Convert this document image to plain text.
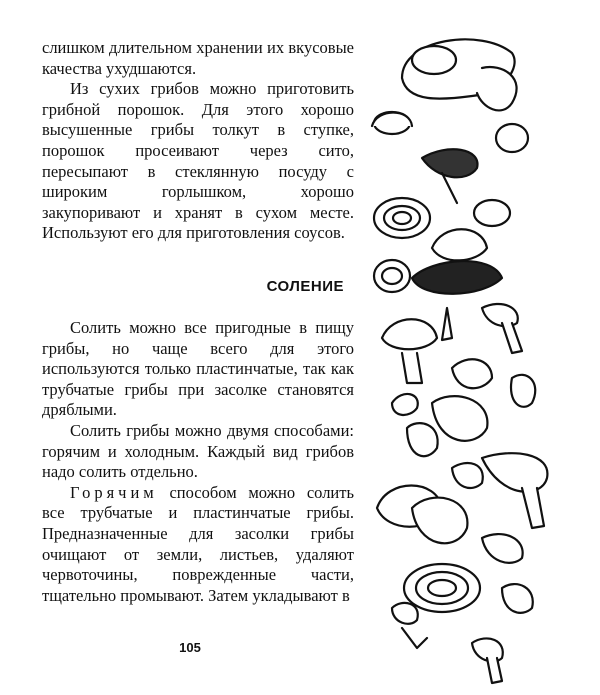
слишком длительном хранении их вкусовые качества ухудшаются.

Из сухих грибов можно приготовить грибной порошок. Для этого хорошо высушенные грибы толкут в ступке, порошок просеивают через сито, пересыпают в стеклянную посуду с широким горлышком, хорошо закупоривают и хранят в сухом месте. Используют его для приготовления соусов.

СОЛЕНИЕ

Солить можно все пригодные в пищу грибы, но чаще всего для этого используются только пластинчатые, так как трубчатые грибы при засолке становятся дряблыми.

Солить грибы можно двумя способами: горячим и холодным. Каждый вид грибов надо солить отдельно.

Горячим способом можно солить все трубчатые и пластинчатые грибы. Предназначенные для засолки грибы очищают от земли, листьев, удаляют червоточины, поврежденные части, тщательно промывают. Затем укладывают в

105
